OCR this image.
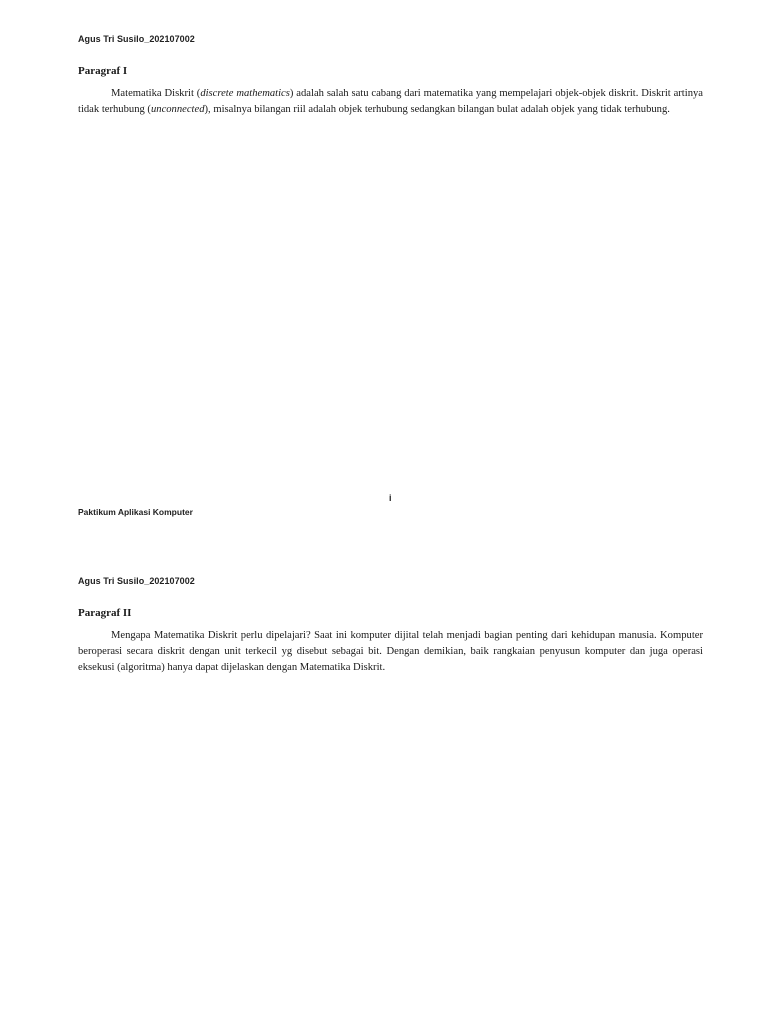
Agus Tri Susilo_202107002
Paragraf I

Matematika Diskrit (discrete mathematics) adalah salah satu cabang dari matematika yang mempelajari objek-objek diskrit. Diskrit artinya tidak terhubung (unconnected), misalnya bilangan riil adalah objek terhubung sedangkan bilangan bulat adalah objek yang tidak terhubung.

i
Paktikum Aplikasi Komputer
Agus Tri Susilo_202107002
Paragraf II

Mengapa Matematika Diskrit perlu dipelajari? Saat ini komputer dijital telah menjadi bagian penting dari kehidupan manusia. Komputer beroperasi secara diskrit dengan unit terkecil yg disebut sebagai bit. Dengan demikian, baik rangkaian penyusun komputer dan juga operasi eksekusi (algoritma) hanya dapat dijelaskan dengan Matematika Diskrit.
